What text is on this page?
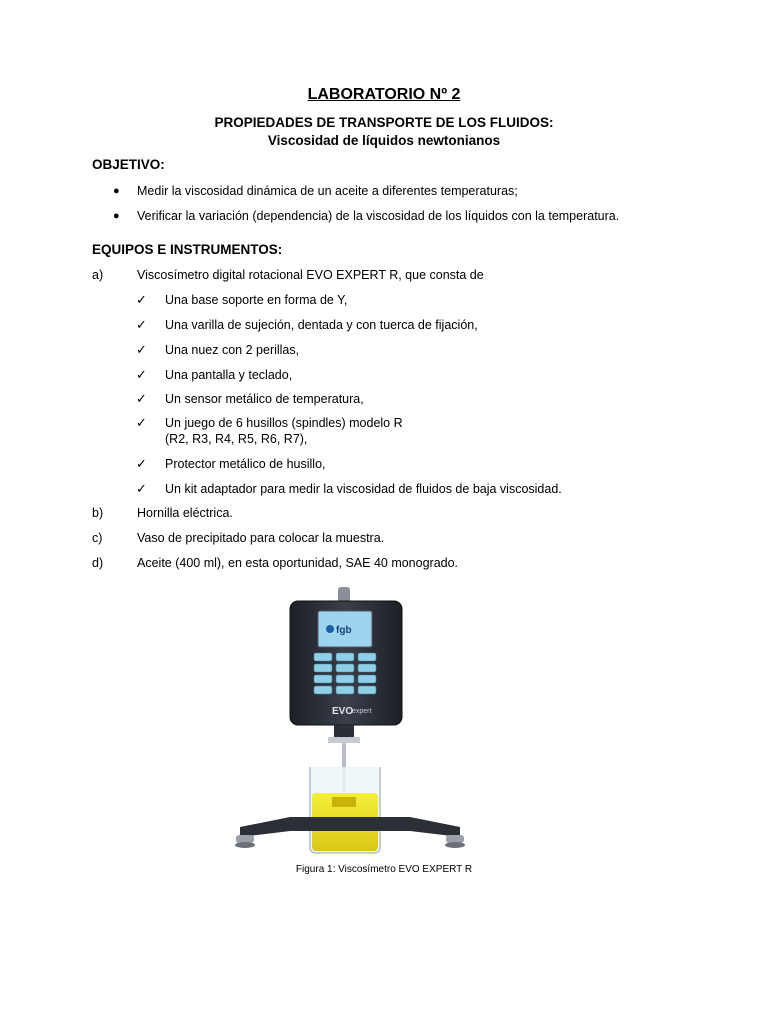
LABORATORIO Nº 2
PROPIEDADES DE TRANSPORTE DE LOS FLUIDOS:
Viscosidad de líquidos newtonianos
OBJETIVO:
● Medir la viscosidad dinámica de un aceite a diferentes temperaturas;
● Verificar la variación (dependencia) de la viscosidad de los líquidos con la temperatura.
EQUIPOS E INSTRUMENTOS:
a)	Viscosímetro digital rotacional EVO EXPERT R, que consta de
✓ Una base soporte en forma de Y,
✓ Una varilla de sujeción, dentada y con tuerca de fijación,
✓ Una nuez con 2 perillas,
✓ Una pantalla y teclado,
✓ Un sensor metálico de temperatura,
✓ Un juego de 6 husillos (spindles) modelo R
(R2, R3, R4, R5, R6, R7),
✓ Protector metálico de husillo,
✓ Un kit adaptador para medir la viscosidad de fluidos de baja viscosidad.
b)	Hornilla eléctrica.
c)	Vaso de precipitado para colocar la muestra.
d)	Aceite (400 ml), en esta oportunidad, SAE 40 monogrado.
fgb
EVO
expert
Figura 1: Viscosímetro EVO EXPERT R
